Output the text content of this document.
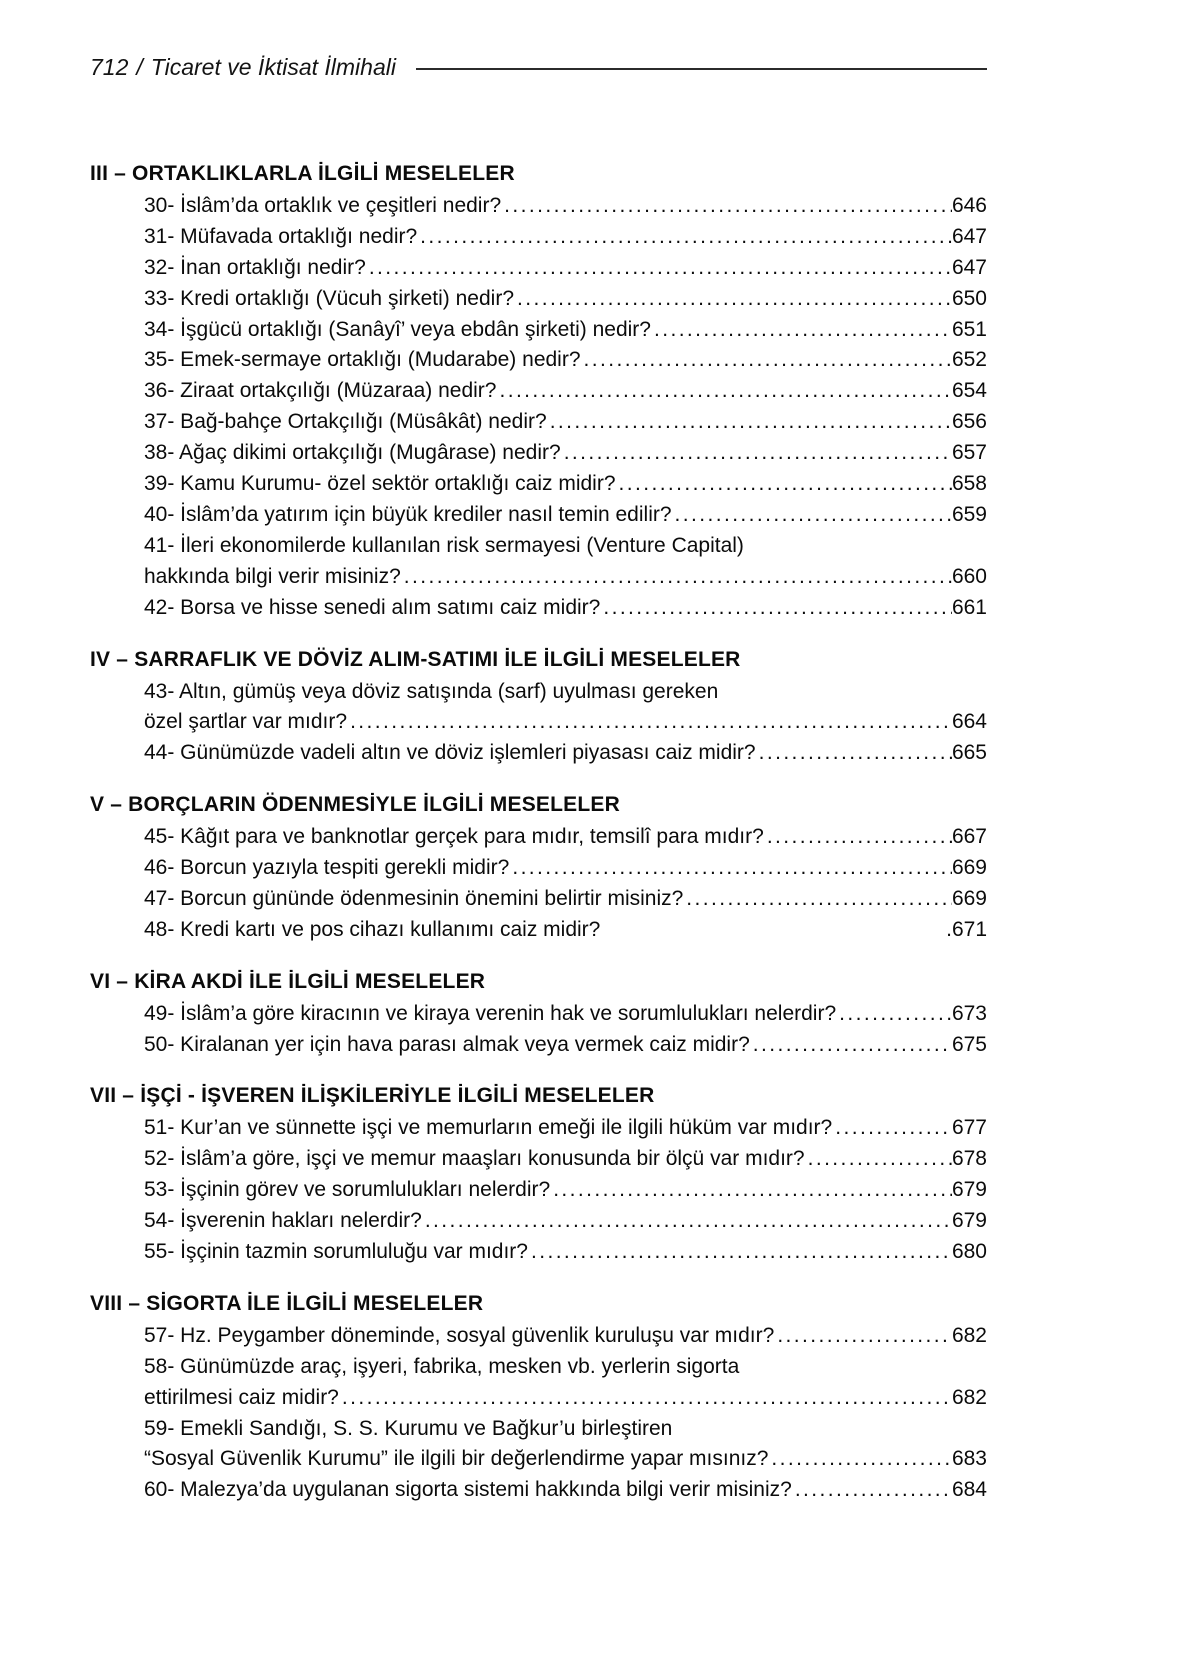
712 / Ticaret ve İktisat İlmihali
III – ORTAKLIKLARLA İLGİLİ MESELELER
30- İslâm’da ortaklık ve çeşitleri nedir? .....	646
31- Müfavada ortaklığı nedir? .....	647
32- İnan ortaklığı nedir? .....	647
33- Kredi ortaklığı (Vücuh şirketi) nedir? .....	650
34- İşgücü ortaklığı (Sanâyî’ veya ebdân şirketi) nedir? .....	651
35- Emek-sermaye ortaklığı (Mudarabe) nedir? .....	652
36- Ziraat ortakçılığı (Müzaraa) nedir? .....	654
37- Bağ-bahçe Ortakçılığı (Müsâkât) nedir? .....	656
38- Ağaç dikimi ortakçılığı (Mugârase) nedir? .....	657
39- Kamu Kurumu- özel sektör ortaklığı caiz midir? .....	658
40- İslâm’da yatırım için büyük krediler nasıl temin edilir? .....	659
41- İleri ekonomilerde kullanılan risk sermayesi (Venture Capital)
hakkında bilgi verir misiniz? .....	660
42- Borsa ve hisse senedi alım satımı caiz midir? .....	661
IV – SARRAFLIK VE DÖVİZ ALIM-SATIMI İLE İLGİLİ MESELELER
43- Altın, gümüş veya döviz satışında (sarf) uyulması gereken
özel şartlar var mıdır? .....	664
44- Günümüzde vadeli altın ve döviz işlemleri piyasası caiz midir? .....	665
V – BORÇLARIN ÖDENMESİYLE İLGİLİ MESELELER
45- Kâğıt para ve banknotlar gerçek para mıdır, temsilî para mıdır? .....	667
46- Borcun yazıyla tespiti gerekli midir? .....	669
47- Borcun gününde ödenmesinin önemini belirtir misiniz? .....	669
48- Kredi kartı ve pos cihazı kullanımı caiz midir?	.671
VI – KİRA AKDİ İLE İLGİLİ MESELELER
49- İslâm’a göre kiracının ve kiraya verenin hak ve sorumlulukları nelerdir? .....	673
50- Kiralanan yer için hava parası almak veya vermek caiz midir? .....	675
VII – İŞÇİ - İŞVEREN İLİŞKİLERİYLE İLGİLİ MESELELER
51- Kur’an ve sünnette işçi ve memurların emeği ile ilgili hüküm var mıdır? .....	677
52- İslâm’a göre, işçi ve memur maaşları konusunda bir ölçü var mıdır? .....	678
53- İşçinin görev ve sorumlulukları nelerdir? .....	679
54- İşverenin hakları nelerdir? .....	679
55- İşçinin tazmin sorumluluğu var mıdır? .....	680
VIII – SİGORTA İLE İLGİLİ MESELELER
57- Hz. Peygamber döneminde, sosyal güvenlik kuruluşu var mıdır? .....	682
58- Günümüzde araç, işyeri, fabrika, mesken vb. yerlerin sigorta
ettirilmesi caiz midir? .....	682
59- Emekli Sandığı, S. S. Kurumu ve Bağkur’u birleştiren
“Sosyal Güvenlik Kurumu” ile ilgili bir değerlendirme yapar mısınız? .....	683
60- Malezya’da uygulanan sigorta sistemi hakkında bilgi verir misiniz? .....	684
